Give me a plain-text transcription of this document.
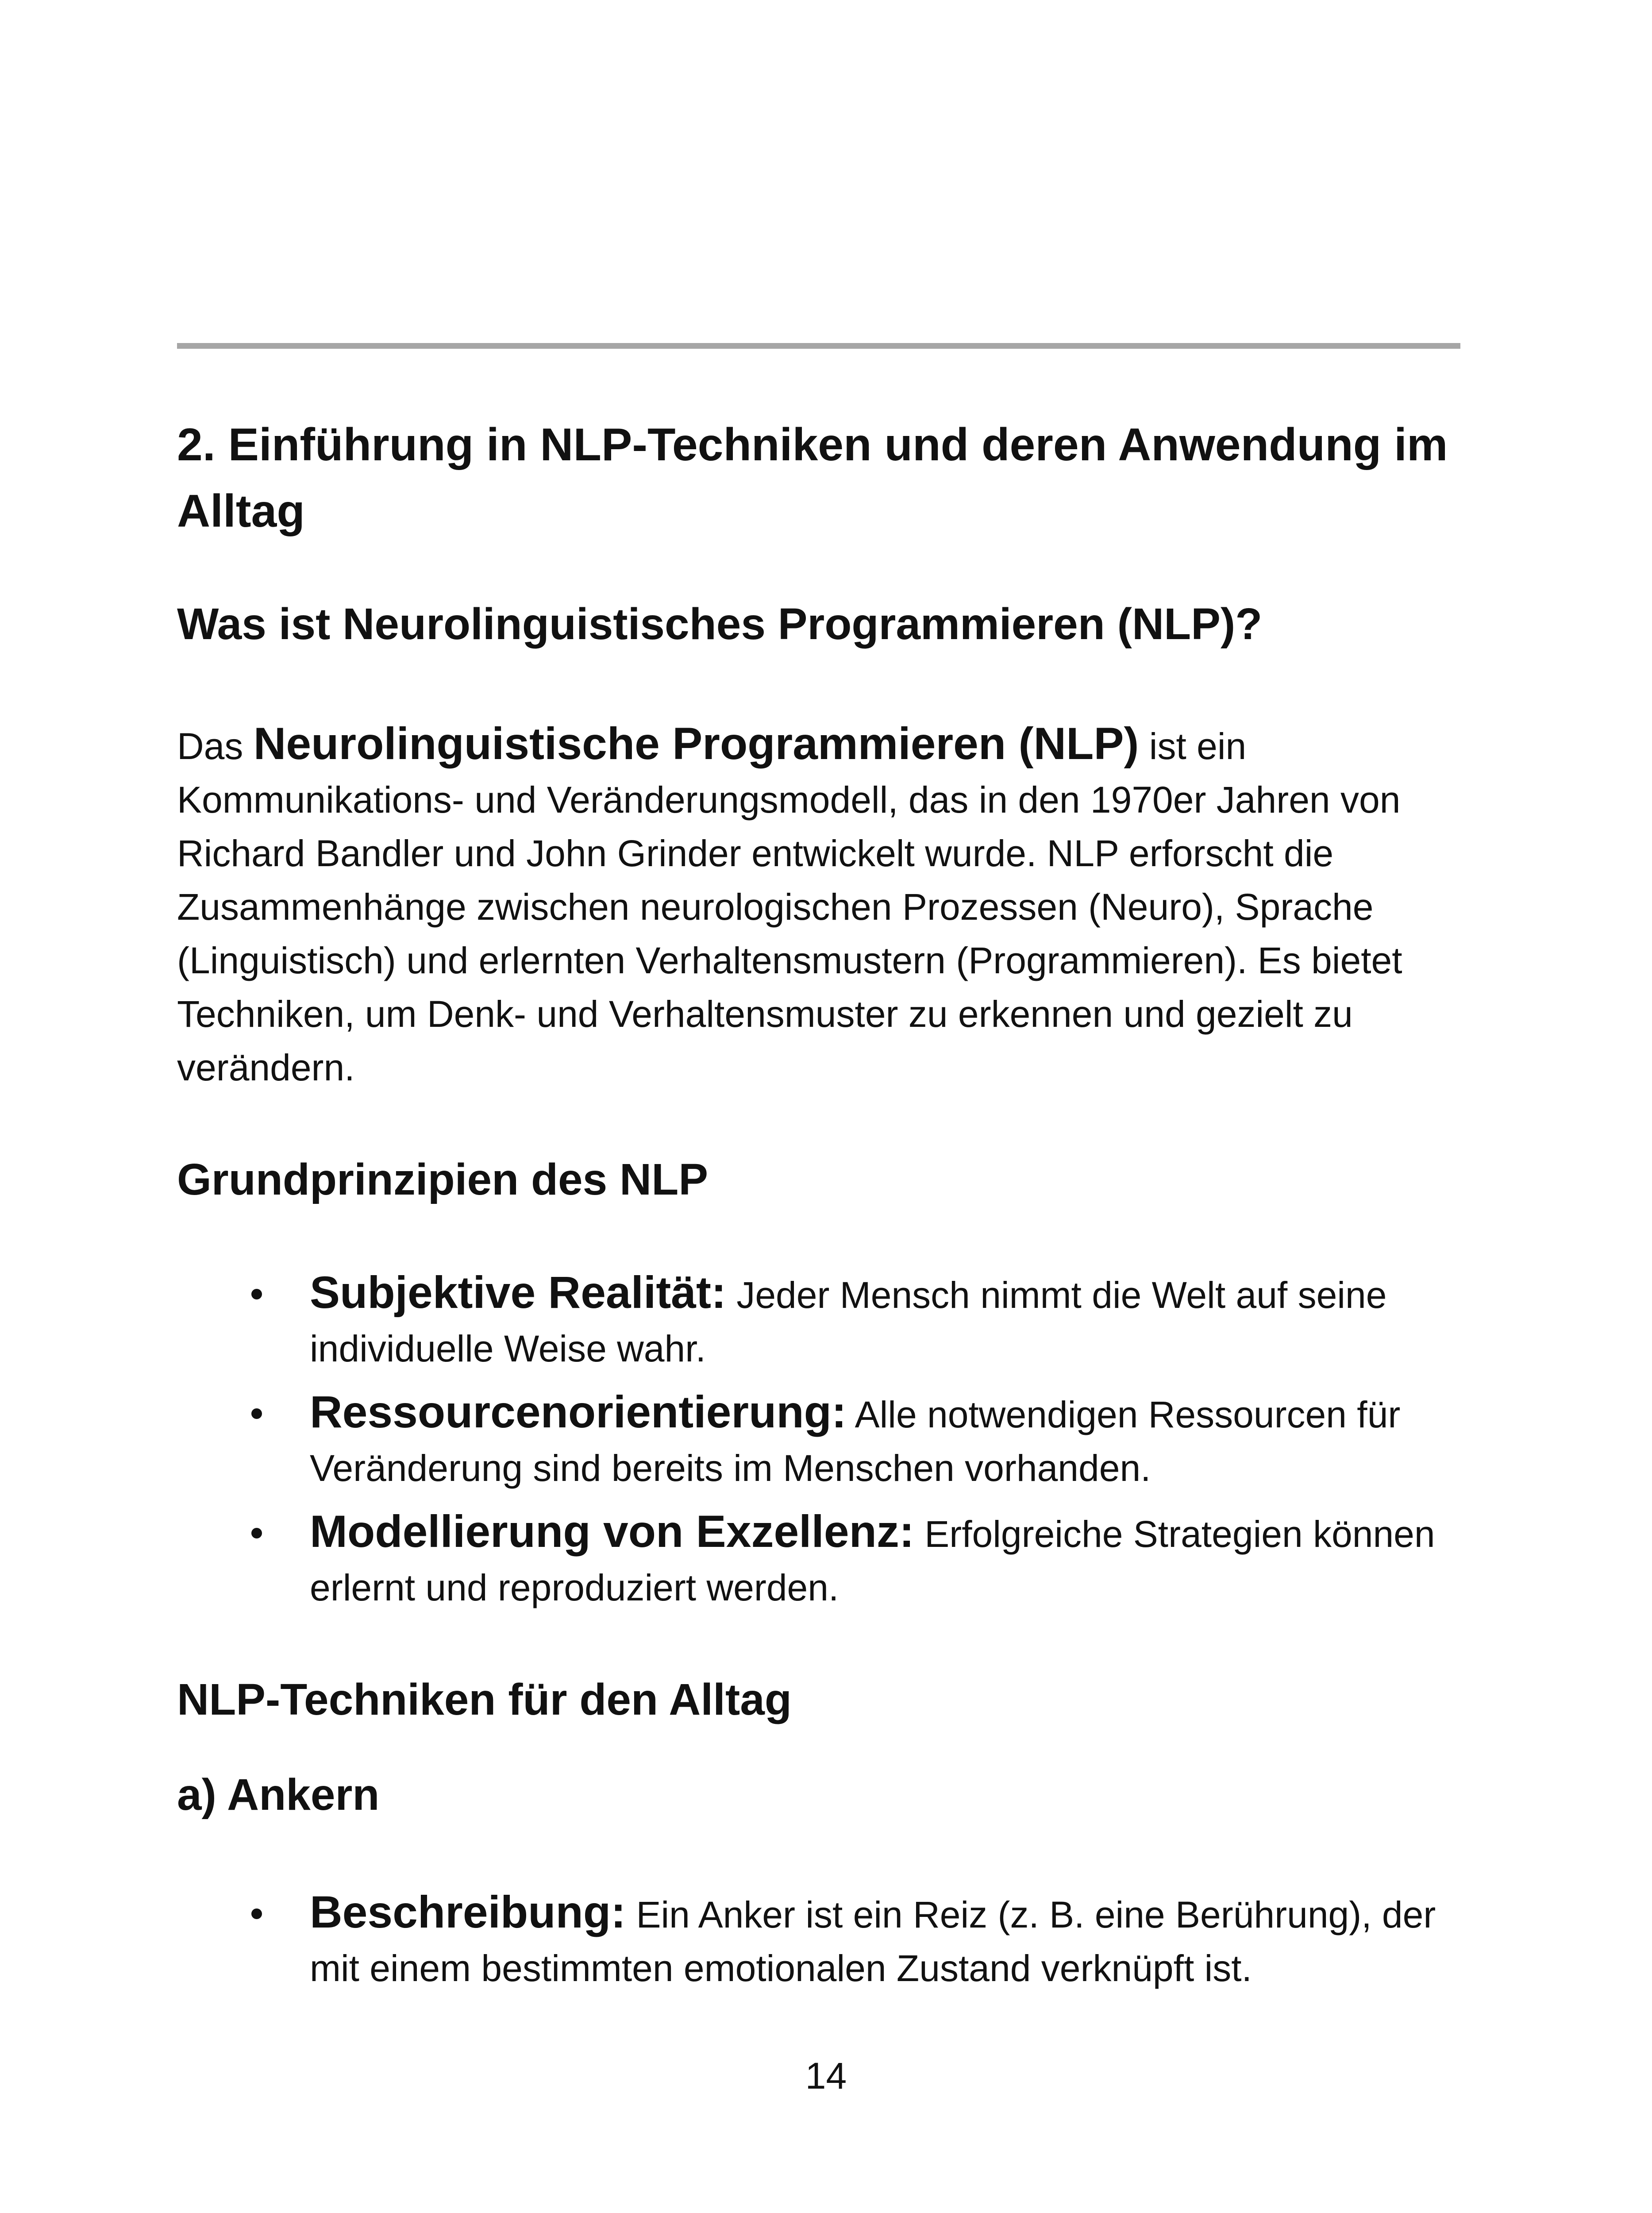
2. Einführung in NLP-Techniken und deren Anwendung im Alltag
Was ist Neurolinguistisches Programmieren (NLP)?
Das Neurolinguistische Programmieren (NLP) ist ein Kommunikations- und Veränderungsmodell, das in den 1970er Jahren von Richard Bandler und John Grinder entwickelt wurde. NLP erforscht die Zusammenhänge zwischen neurologischen Prozessen (Neuro), Sprache (Linguistisch) und erlernten Verhaltensmustern (Programmieren). Es bietet Techniken, um Denk- und Verhaltensmuster zu erkennen und gezielt zu verändern.
Grundprinzipien des NLP
Subjektive Realität: Jeder Mensch nimmt die Welt auf seine individuelle Weise wahr.
Ressourcenorientierung: Alle notwendigen Ressourcen für Veränderung sind bereits im Menschen vorhanden.
Modellierung von Exzellenz: Erfolgreiche Strategien können erlernt und reproduziert werden.
NLP-Techniken für den Alltag
a) Ankern
Beschreibung: Ein Anker ist ein Reiz (z. B. eine Berührung), der mit einem bestimmten emotionalen Zustand verknüpft ist.
14
